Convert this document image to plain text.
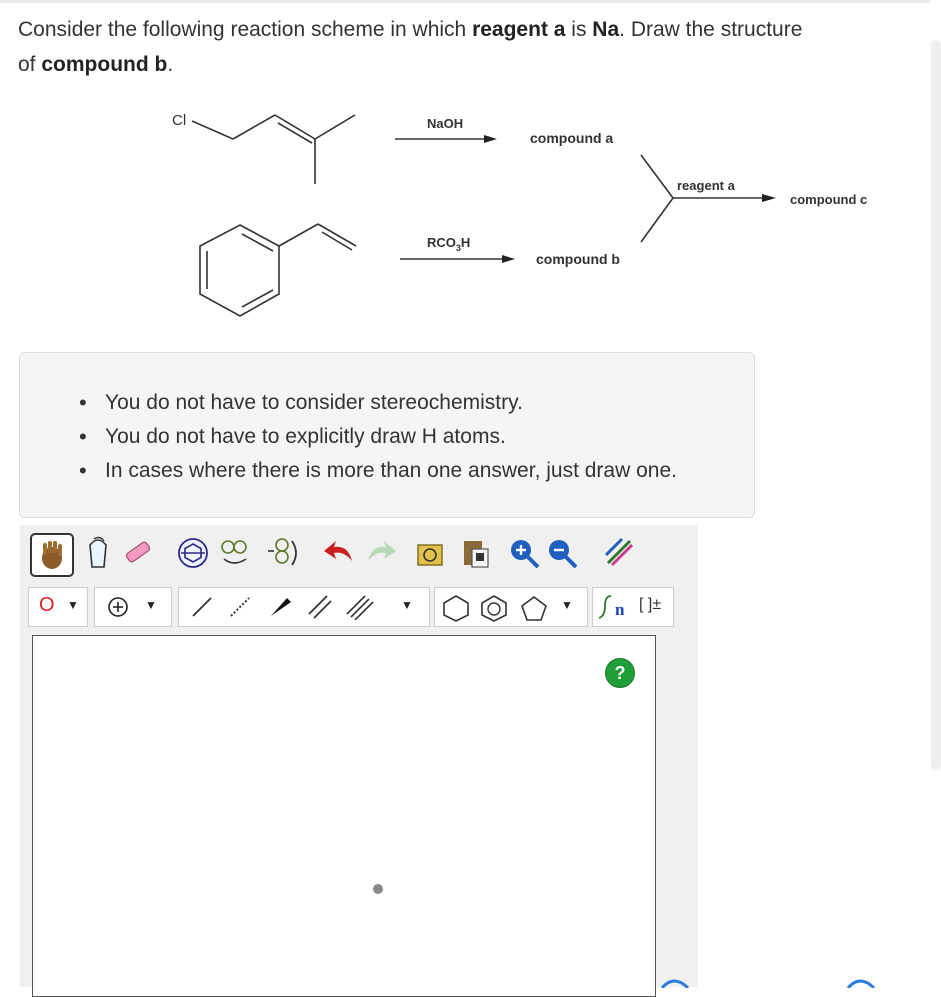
Consider the following reaction scheme in which reagent a is Na. Draw the structure of compound b.
Cl	NaOH
compound a
$RCO_3H$
compound b
reagent a
compound c
• You do not have to consider stereochemistry.
• You do not have to explicitly draw H atoms.
• In cases where there is more than one answer, just draw one.
O ▼	▼	▼	▼ n [ ]±
?
